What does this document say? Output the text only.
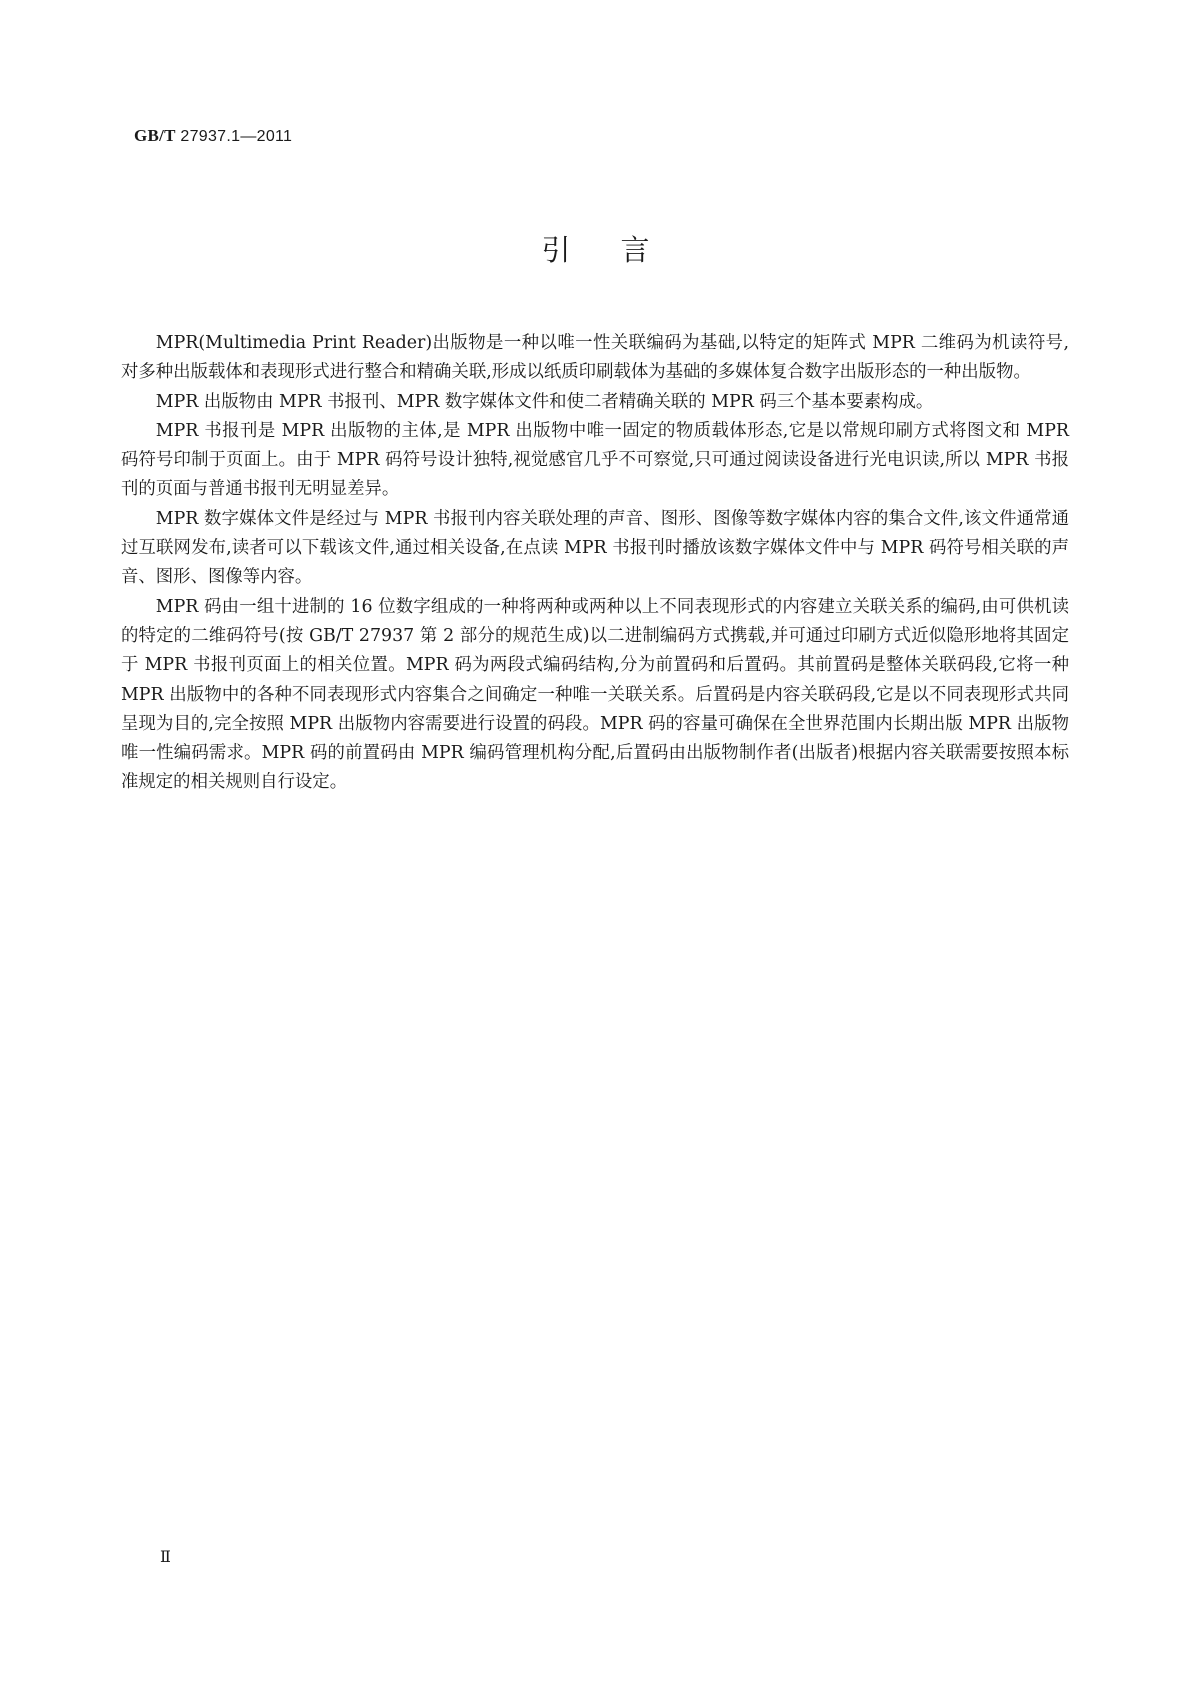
GB/T 27937.1—2011
引言

MPR(Multimedia Print Reader)出版物是一种以唯一性关联编码为基础,以特定的矩阵式 MPR 二维码为机读符号,对多种出版载体和表现形式进行整合和精确关联,形成以纸质印刷载体为基础的多媒体复合数字出版形态的一种出版物。

MPR 出版物由 MPR 书报刊、MPR 数字媒体文件和使二者精确关联的 MPR 码三个基本要素构成。

MPR 书报刊是 MPR 出版物的主体,是 MPR 出版物中唯一固定的物质载体形态,它是以常规印刷方式将图文和 MPR 码符号印制于页面上。由于 MPR 码符号设计独特,视觉感官几乎不可察觉,只可通过阅读设备进行光电识读,所以 MPR 书报刊的页面与普通书报刊无明显差异。

MPR 数字媒体文件是经过与 MPR 书报刊内容关联处理的声音、图形、图像等数字媒体内容的集合文件,该文件通常通过互联网发布,读者可以下载该文件,通过相关设备,在点读 MPR 书报刊时播放该数字媒体文件中与 MPR 码符号相关联的声音、图形、图像等内容。

MPR 码由一组十进制的 16 位数字组成的一种将两种或两种以上不同表现形式的内容建立关联关系的编码,由可供机读的特定的二维码符号(按 GB/T 27937 第 2 部分的规范生成)以二进制编码方式携载,并可通过印刷方式近似隐形地将其固定于 MPR 书报刊页面上的相关位置。MPR 码为两段式编码结构,分为前置码和后置码。其前置码是整体关联码段,它将一种 MPR 出版物中的各种不同表现形式内容集合之间确定一种唯一关联关系。后置码是内容关联码段,它是以不同表现形式共同呈现为目的,完全按照 MPR 出版物内容需要进行设置的码段。MPR 码的容量可确保在全世界范围内长期出版 MPR 出版物唯一性编码需求。MPR 码的前置码由 MPR 编码管理机构分配,后置码由出版物制作者(出版者)根据内容关联需要按照本标准规定的相关规则自行设定。

Ⅱ
